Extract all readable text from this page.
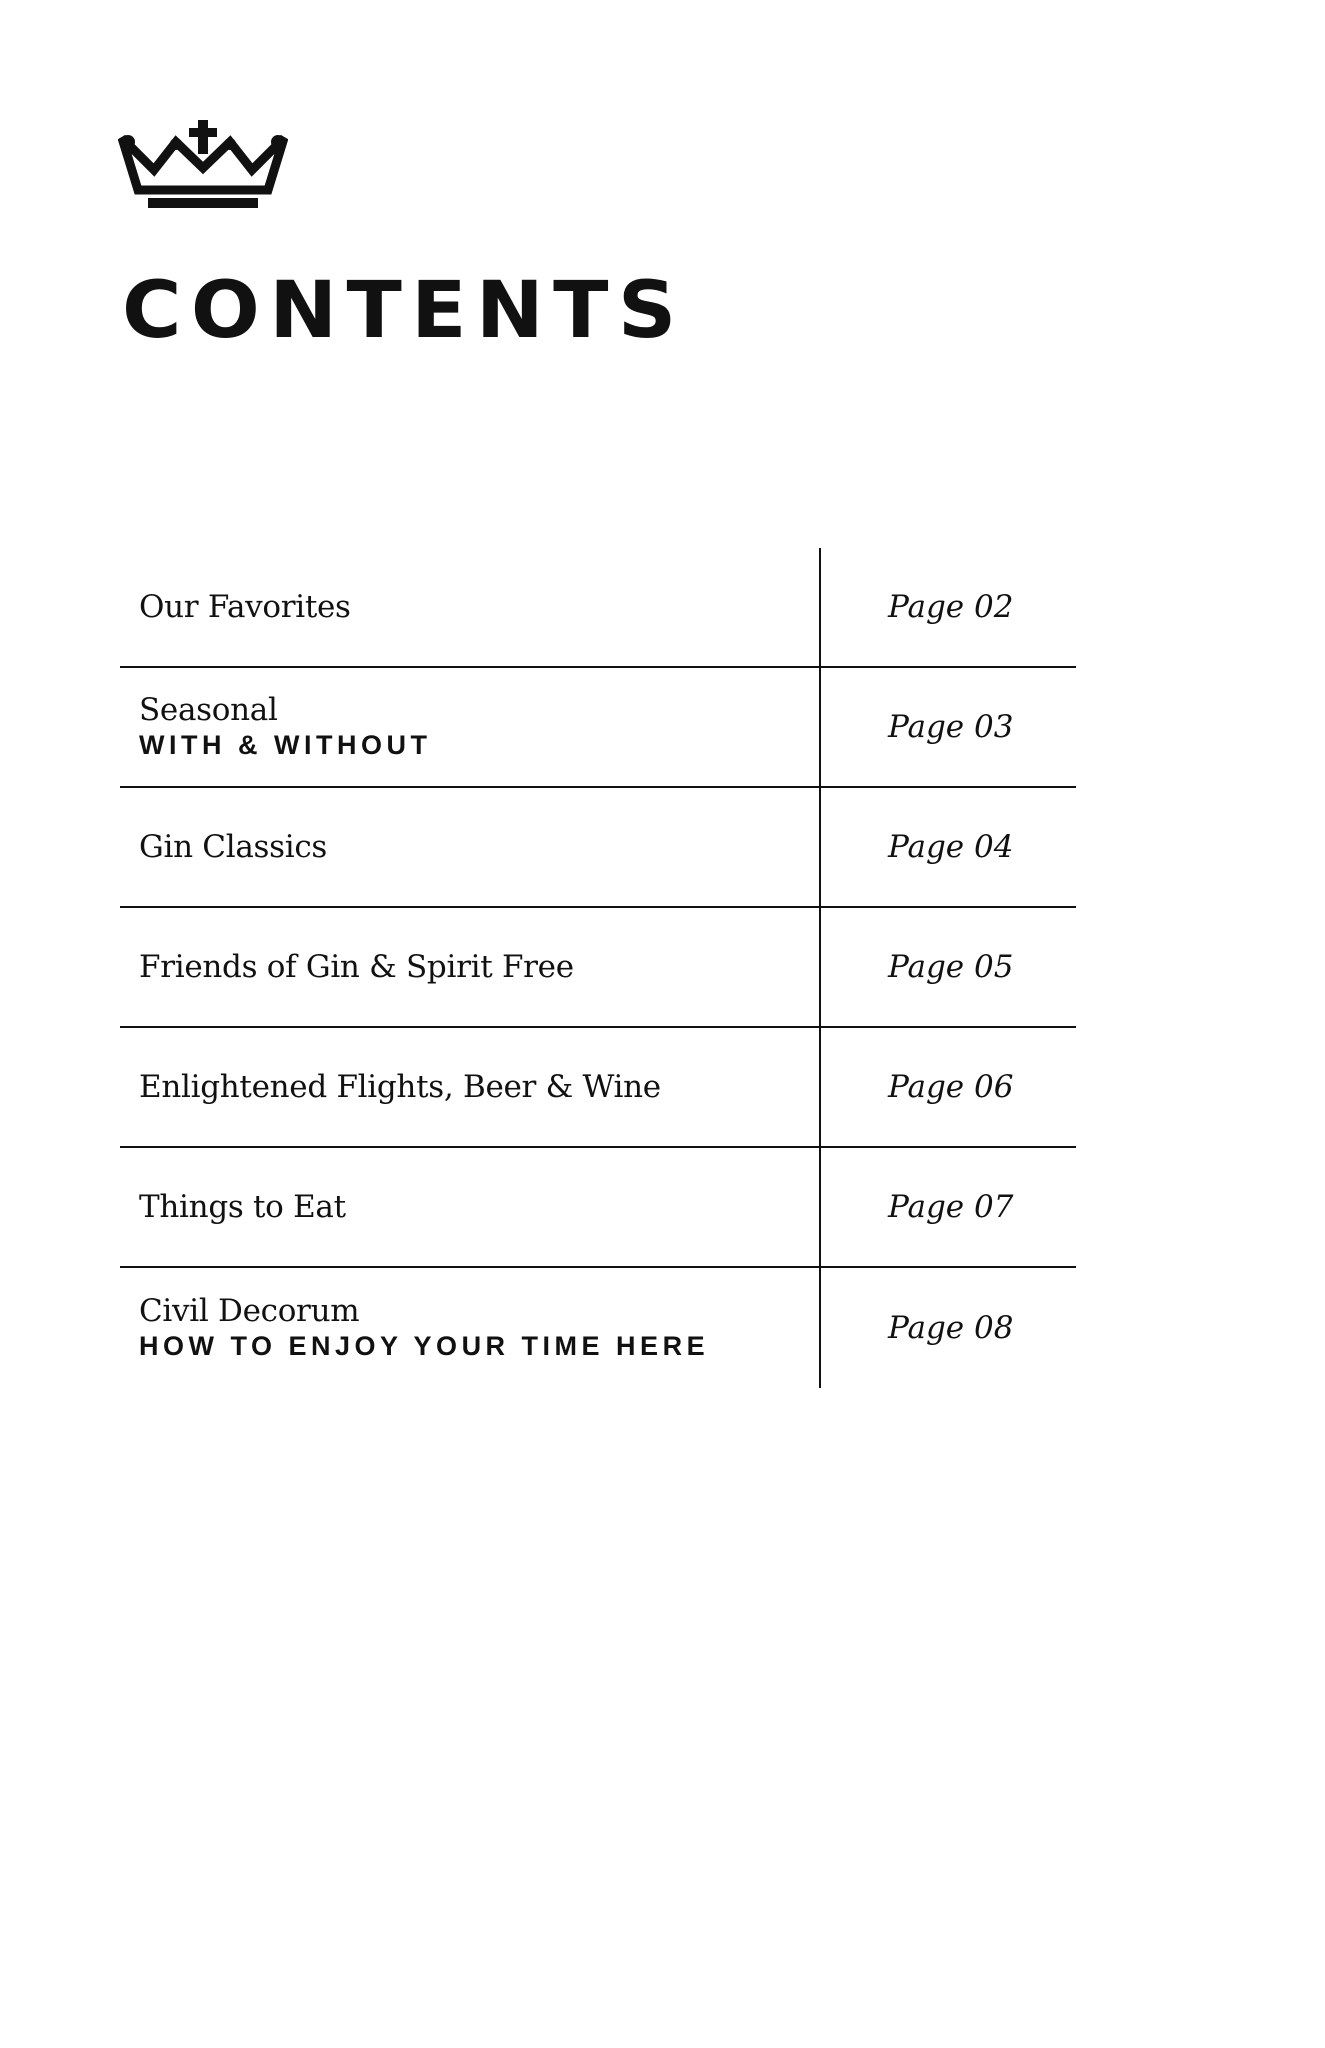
CONTENTS
Our Favorites	Page 02
Seasonal
WITH & WITHOUT	Page 03
Gin Classics	Page 04
Friends of Gin & Spirit Free	Page 05
Enlightened Flights, Beer & Wine	Page 06
Things to Eat	Page 07
Civil Decorum
HOW TO ENJOY YOUR TIME HERE	Page 08
